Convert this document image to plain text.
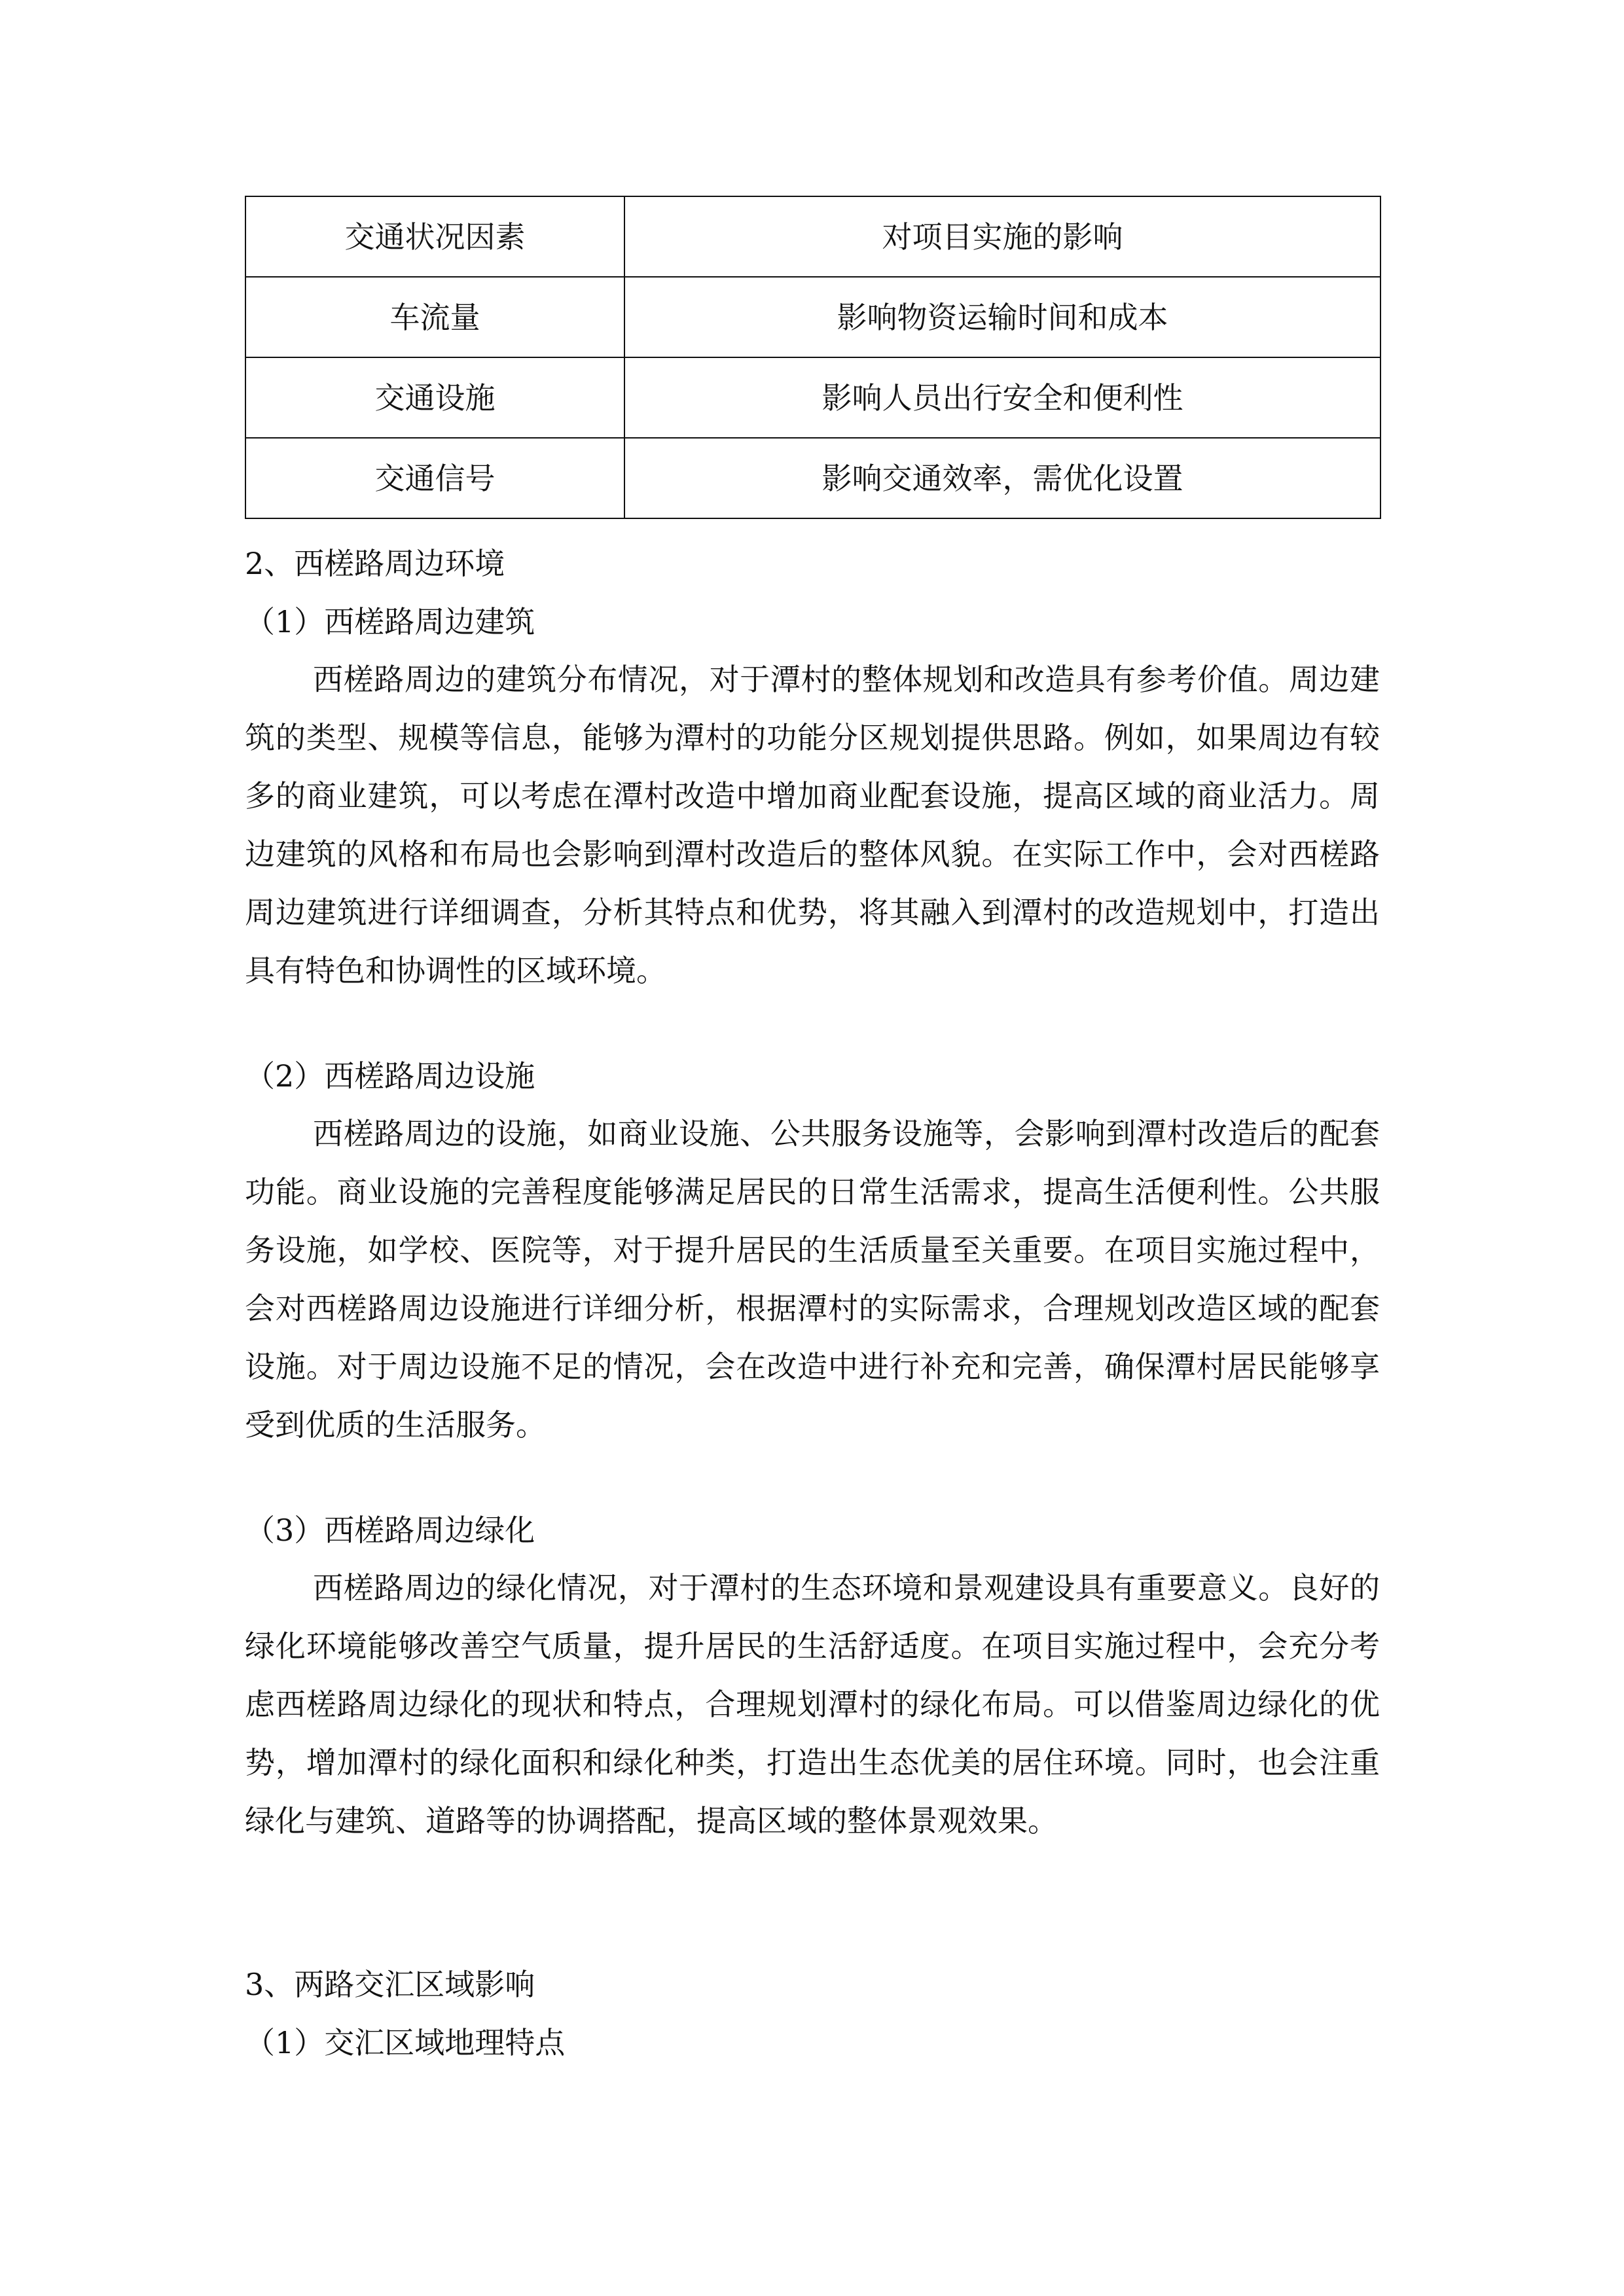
交通状况因素	对项目实施的影响
车流量	影响物资运输时间和成本
交通设施	影响人员出行安全和便利性
交通信号	影响交通效率，需优化设置
2、西槎路周边环境
（1）西槎路周边建筑

西槎路周边的建筑分布情况，对于潭村的整体规划和改造具有参考价值。周边建筑的类型、规模等信息，能够为潭村的功能分区规划提供思路。例如，如果周边有较多的商业建筑，可以考虑在潭村改造中增加商业配套设施，提高区域的商业活力。周边建筑的风格和布局也会影响到潭村改造后的整体风貌。在实际工作中，会对西槎路周边建筑进行详细调查，分析其特点和优势，将其融入到潭村的改造规划中，打造出具有特色和协调性的区域环境。

（2）西槎路周边设施

西槎路周边的设施，如商业设施、公共服务设施等，会影响到潭村改造后的配套功能。商业设施的完善程度能够满足居民的日常生活需求，提高生活便利性。公共服务设施，如学校、医院等，对于提升居民的生活质量至关重要。在项目实施过程中，会对西槎路周边设施进行详细分析，根据潭村的实际需求，合理规划改造区域的配套设施。对于周边设施不足的情况，会在改造中进行补充和完善，确保潭村居民能够享受到优质的生活服务。

（3）西槎路周边绿化

西槎路周边的绿化情况，对于潭村的生态环境和景观建设具有重要意义。良好的绿化环境能够改善空气质量，提升居民的生活舒适度。在项目实施过程中，会充分考虑西槎路周边绿化的现状和特点，合理规划潭村的绿化布局。可以借鉴周边绿化的优势，增加潭村的绿化面积和绿化种类，打造出生态优美的居住环境。同时，也会注重绿化与建筑、道路等的协调搭配，提高区域的整体景观效果。

3、两路交汇区域影响
（1）交汇区域地理特点
